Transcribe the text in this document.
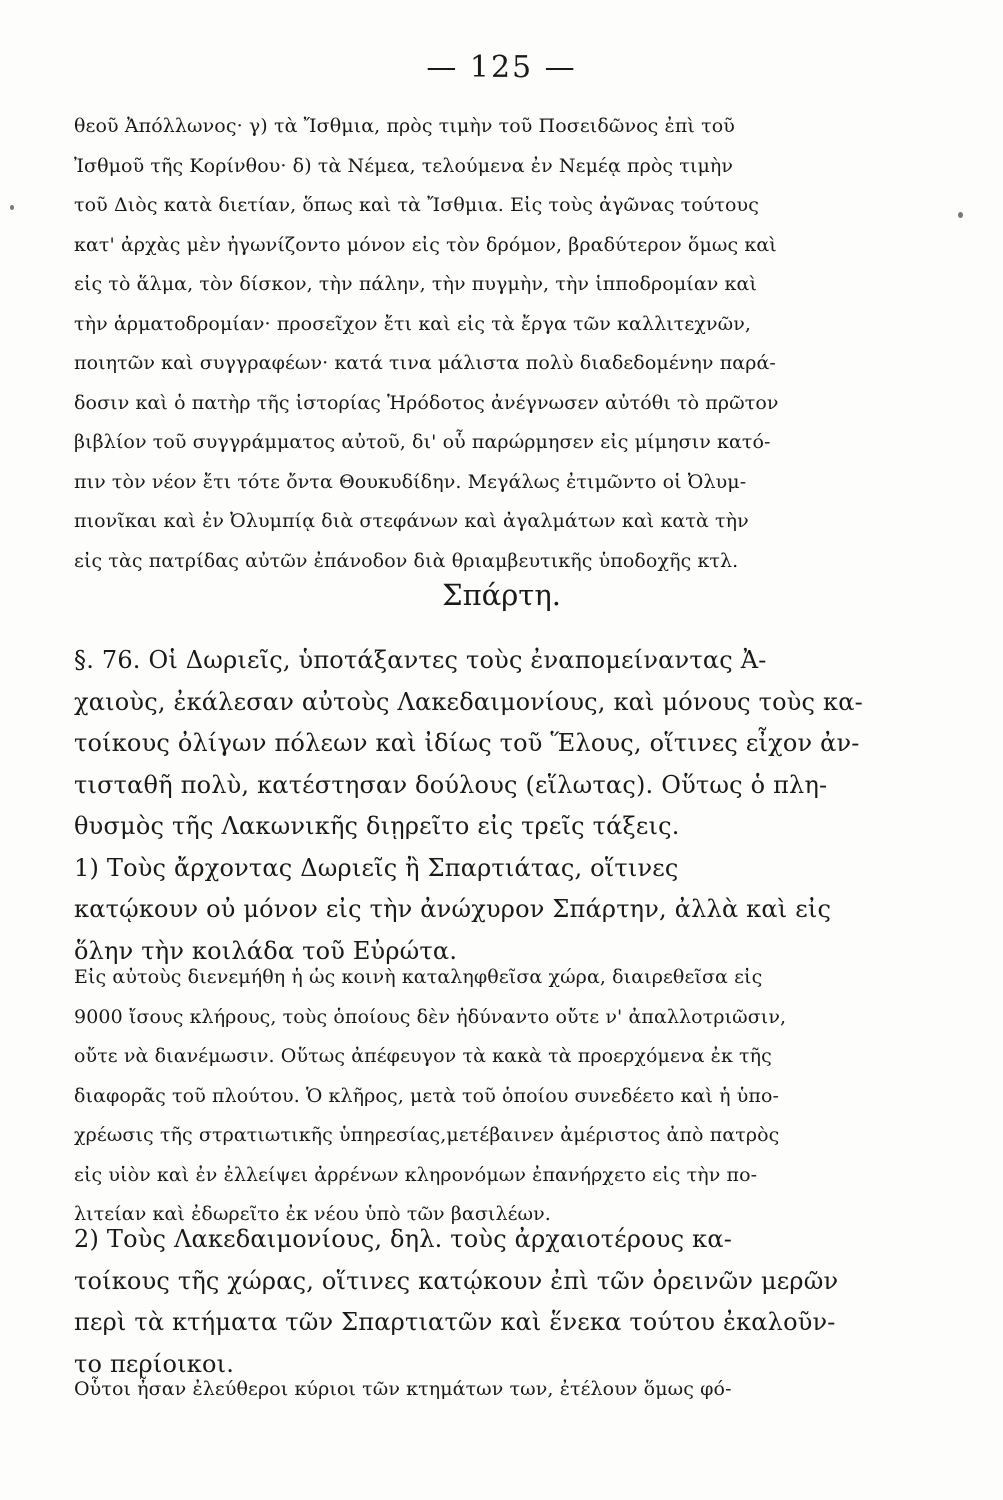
— 125 —
θεοῦ Ἀπόλλωνος· γ) τὰ Ἴσθμια, πρὸς τιμὴν τοῦ Ποσειδῶνος ἐπὶ τοῦ
Ἰσθμοῦ τῆς Κορίνθου· δ) τὰ Νέμεα, τελούμενα ἐν Νεμέᾳ πρὸς τιμὴν
τοῦ Διὸς κατὰ διετίαν, ὅπως καὶ τὰ Ἴσθμια. Εἰς τοὺς ἀγῶνας τούτους
κατ' ἀρχὰς μὲν ἠγωνίζοντο μόνον εἰς τὸν δρόμον, βραδύτερον ὅμως καὶ
εἰς τὸ ἅλμα, τὸν δίσκον, τὴν πάλην, τὴν πυγμὴν, τὴν ἱπποδρομίαν καὶ
τὴν ἁρματοδρομίαν· προσεῖχον ἔτι καὶ εἰς τὰ ἔργα τῶν καλλιτεχνῶν,
ποιητῶν καὶ συγγραφέων· κατά τινα μάλιστα πολὺ διαδεδομένην παρά-
δοσιν καὶ ὁ πατὴρ τῆς ἱστορίας Ἡρόδοτος ἀνέγνωσεν αὐτόθι τὸ πρῶτον
βιβλίον τοῦ συγγράμματος αὐτοῦ, δι' οὗ παρώρμησεν εἰς μίμησιν κατό-
πιν τὸν νέον ἔτι τότε ὄντα Θουκυδίδην. Μεγάλως ἐτιμῶντο οἱ Ὀλυμ-
πιονῖκαι καὶ ἐν Ὀλυμπίᾳ διὰ στεφάνων καὶ ἀγαλμάτων καὶ κατὰ τὴν
εἰς τὰς πατρίδας αὐτῶν ἐπάνοδον διὰ θριαμβευτικῆς ὑποδοχῆς κτλ.
Σπάρτη.
§. 76. Οἱ Δωριεῖς, ὑποτάξαντες τοὺς ἐναπομείναντας Ἀ-
χαιοὺς, ἐκάλεσαν αὐτοὺς Λακεδαιμονίους, καὶ μόνους τοὺς κα-
τοίκους ὀλίγων πόλεων καὶ ἰδίως τοῦ Ἕλους, οἵτινες εἶχον ἀν-
τισταθῆ πολὺ, κατέστησαν δούλους (εἵλωτας). Οὕτως ὁ πλη-
θυσμὸς τῆς Λακωνικῆς διῃρεῖτο εἰς τρεῖς τάξεις.
1) Τοὺς ἄρχοντας Δωριεῖς ἢ Σπαρτιάτας, οἵτινες
κατῴκουν οὐ μόνον εἰς τὴν ἀνώχυρον Σπάρτην, ἀλλὰ καὶ εἰς
ὅλην τὴν κοιλάδα τοῦ Εὐρώτα.
Εἰς αὐτοὺς διενεμήθη ἡ ὡς κοινὴ καταληφθεῖσα χώρα, διαιρεθεῖσα εἰς
9000 ἴσους κλήρους, τοὺς ὁποίους δὲν ἠδύναντο οὔτε ν' ἀπαλλοτριῶσιν,
οὔτε νὰ διανέμωσιν. Οὕτως ἀπέφευγον τὰ κακὰ τὰ προερχόμενα ἐκ τῆς
διαφορᾶς τοῦ πλούτου. Ὁ κλῆρος, μετὰ τοῦ ὁποίου συνεδέετο καὶ ἡ ὑπο-
χρέωσις τῆς στρατιωτικῆς ὑπηρεσίας,μετέβαινεν ἀμέριστος ἀπὸ πατρὸς
εἰς υἱὸν καὶ ἐν ἐλλείψει ἀρρένων κληρονόμων ἐπανήρχετο εἰς τὴν πο-
λιτείαν καὶ ἐδωρεῖτο ἐκ νέου ὑπὸ τῶν βασιλέων.
2) Τοὺς Λακεδαιμονίους, δηλ. τοὺς ἀρχαιοτέρους κα-
τοίκους τῆς χώρας, οἵτινες κατῴκουν ἐπὶ τῶν ὀρεινῶν μερῶν
περὶ τὰ κτήματα τῶν Σπαρτιατῶν καὶ ἕνεκα τούτου ἐκαλοῦν-
το περίοικοι.
Οὗτοι ἦσαν ἐλεύθεροι κύριοι τῶν κτημάτων των, ἐτέλουν ὅμως φό-
